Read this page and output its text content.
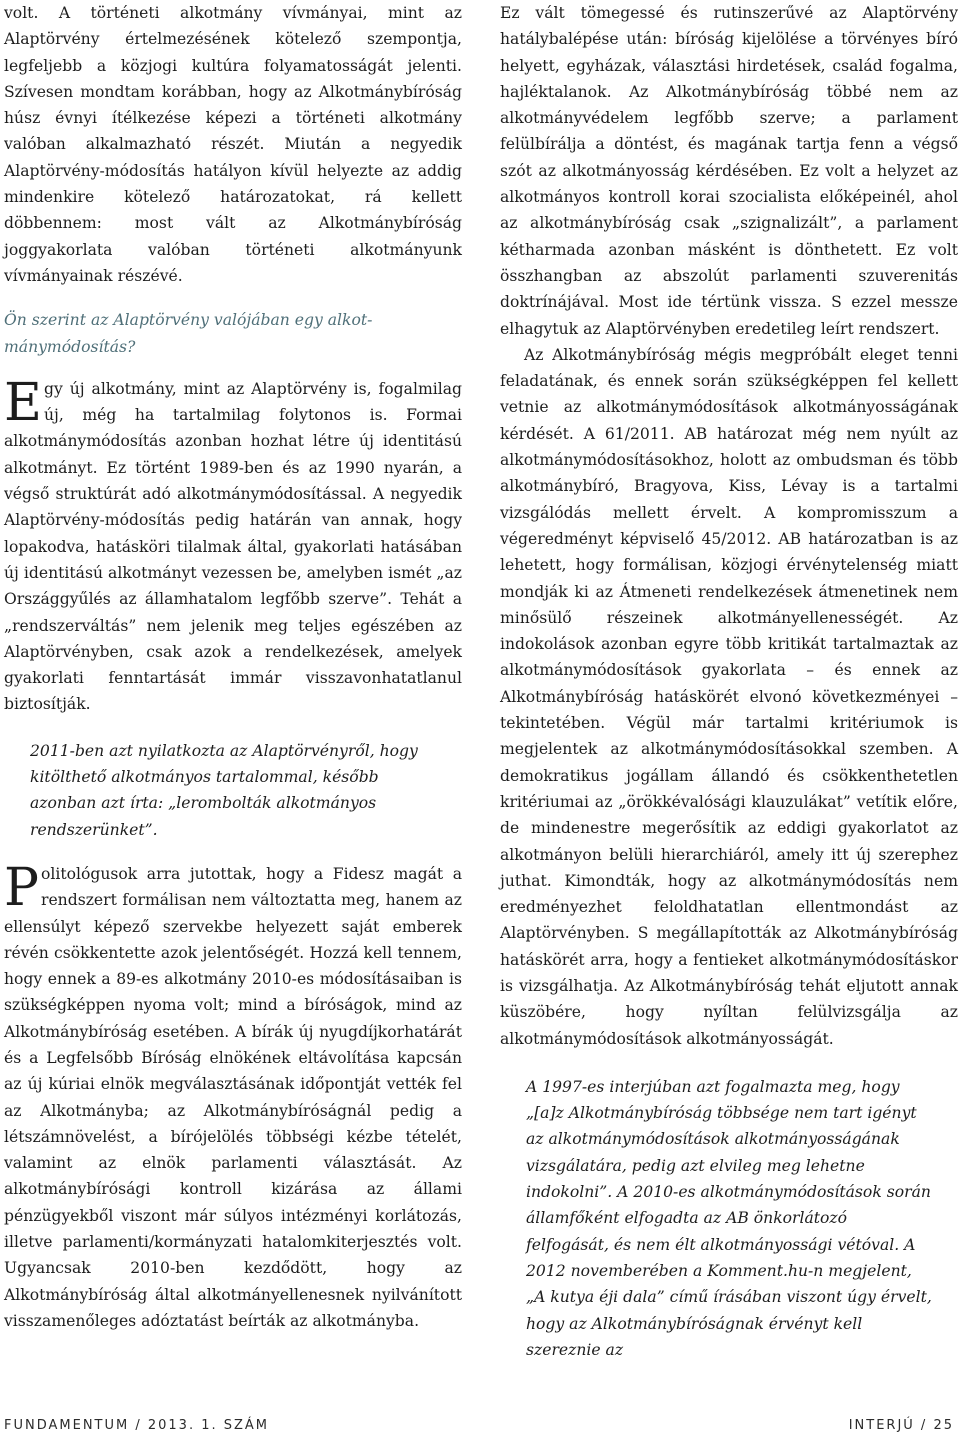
volt. A történeti alkotmány vívmányai, mint az Alaptörvény értelmezésének kötelező szempontja, legfeljebb a közjogi kultúra folyamatosságát jelenti. Szívesen mondtam korábban, hogy az Alkotmánybíróság húsz évnyi ítélkezése képezi a történeti alkotmány valóban alkalmazható részét. Miután a negyedik Alaptörvény-módosítás hatályon kívül helyezte az addig mindenkire kötelező határozatokat, rá kellett döbbennem: most vált az Alkotmánybíróság joggyakorlata valóban történeti alkotmányunk vívmányainak részévé.

Ön szerint az Alaptörvény valójában egy alkotmánymódosítás?

Egy új alkotmány, mint az Alaptörvény is, fogalmilag új, még ha tartalmilag folytonos is. Formai alkotmánymódosítás azonban hozhat létre új identitású alkotmányt. Ez történt 1989-ben és az 1990 nyarán, a végső struktúrát adó alkotmánymódosítással. A negyedik Alaptörvény-módosítás pedig határán van annak, hogy lopakodva, hatásköri tilalmak által, gyakorlati hatásában új identitású alkotmányt vezessen be, amelyben ismét „az Országgyűlés az államhatalom legfőbb szerve”. Tehát a „rendszerváltás” nem jelenik meg teljes egészében az Alaptörvényben, csak azok a rendelkezések, amelyek gyakorlati fenntartását immár visszavonhatatlanul biztosítják.

2011-ben azt nyilatkozta az Alaptörvényről, hogy kitölthető alkotmányos tartalommal, később azonban azt írta: „lerombolták alkotmányos rendszerünket”.

Politológusok arra jutottak, hogy a Fidesz magát a rendszert formálisan nem változtatta meg, hanem az ellensúlyt képező szervekbe helyezett saját emberek révén csökkentette azok jelentőségét. Hozzá kell tennem, hogy ennek a 89-es alkotmány 2010-es módosításaiban is szükségképpen nyoma volt; mind a bíróságok, mind az Alkotmánybíróság esetében. A bírák új nyugdíjkorhatárát és a Legfelsőbb Bíróság elnökének eltávolítása kapcsán az új kúriai elnök megválasztásának időpontját vették fel az Alkotmányba; az Alkotmánybíróságnál pedig a létszámnövelést, a bírójelölés többségi kézbe tételét, valamint az elnök parlamenti választását. Az alkotmánybírósági kontroll kizárása az állami pénzügyekből viszont már súlyos intézményi korlátozás, illetve parlamenti/kormányzati hatalomkiterjesztés volt. Ugyancsak 2010-ben kezdődött, hogy az Alkotmánybíróság által alkotmányellenesnek nyilvánított visszamenőleges adóztatást beírták az alkotmányba.

Ez vált tömegessé és rutinszerűvé az Alaptörvény hatálybalépése után: bíróság kijelölése a törvényes bíró helyett, egyházak, választási hirdetések, család fogalma, hajléktalanok. Az Alkotmánybíróság többé nem az alkotmányvédelem legfőbb szerve; a parlament felülbírálja a döntést, és magának tartja fenn a végső szót az alkotmányosság kérdésében. Ez volt a helyzet az alkotmányos kontroll korai szocialista előképeinél, ahol az alkotmánybíróság csak „szignalizált”, a parlament kétharmada azonban másként is dönthetett. Ez volt összhangban az abszolút parlamenti szuverenitás doktrínájával. Most ide tértünk vissza. S ezzel messze elhagytuk az Alaptörvényben eredetileg leírt rendszert.

Az Alkotmánybíróság mégis megpróbált eleget tenni feladatának, és ennek során szükségképpen fel kellett vetnie az alkotmánymódosítások alkotmányosságának kérdését. A 61/2011. AB határozat még nem nyúlt az alkotmánymódosításokhoz, holott az ombudsman és több alkotmánybíró, Bragyova, Kiss, Lévay is a tartalmi vizsgálódás mellett érvelt. A kompromisszum a végeredményt képviselő 45/2012. AB határozatban is az lehetett, hogy formálisan, közjogi érvénytelenség miatt mondják ki az Átmeneti rendelkezések átmenetinek nem minősülő részeinek alkotmányellenességét. Az indokolások azonban egyre több kritikát tartalmaztak az alkotmánymódosítások gyakorlata – és ennek az Alkotmánybíróság hatáskörét elvonó következményei – tekintetében. Végül már tartalmi kritériumok is megjelentek az alkotmánymódosításokkal szemben. A demokratikus jogállam állandó és csökkenthetetlen kritériumai az „örökkévalósági klauzulákat” vetítik előre, de mindenestre megerősítik az eddigi gyakorlatot az alkotmányon belüli hierarchiáról, amely itt új szerephez juthat. Kimondták, hogy az alkotmánymódosítás nem eredményezhet feloldhatatlan ellentmondást az Alaptörvényben. S megállapították az Alkotmánybíróság hatáskörét arra, hogy a fentieket alkotmánymódosításkor is vizsgálhatja. Az Alkotmánybíróság tehát eljutott annak küszöbére, hogy nyíltan felülvizsgálja az alkotmánymódosítások alkotmányosságát.

A 1997-es interjúban azt fogalmazta meg, hogy „[a]z Alkotmánybíróság többsége nem tart igényt az alkotmánymódosítások alkotmányosságának vizsgálatára, pedig azt elvileg meg lehetne indokolni”. A 2010-es alkotmánymódosítások során államfőként elfogadta az AB önkorlátozó felfogását, és nem élt alkotmányossági vétóval. A 2012 novemberében a Komment.hu-n megjelent, „A kutya éji dala” című írásában viszont úgy érvelt, hogy az Alkotmánybíróságnak érvényt kell szereznie az

FUNDAMENTUM / 2013. 1. SZÁM	INTERJÚ / 25
